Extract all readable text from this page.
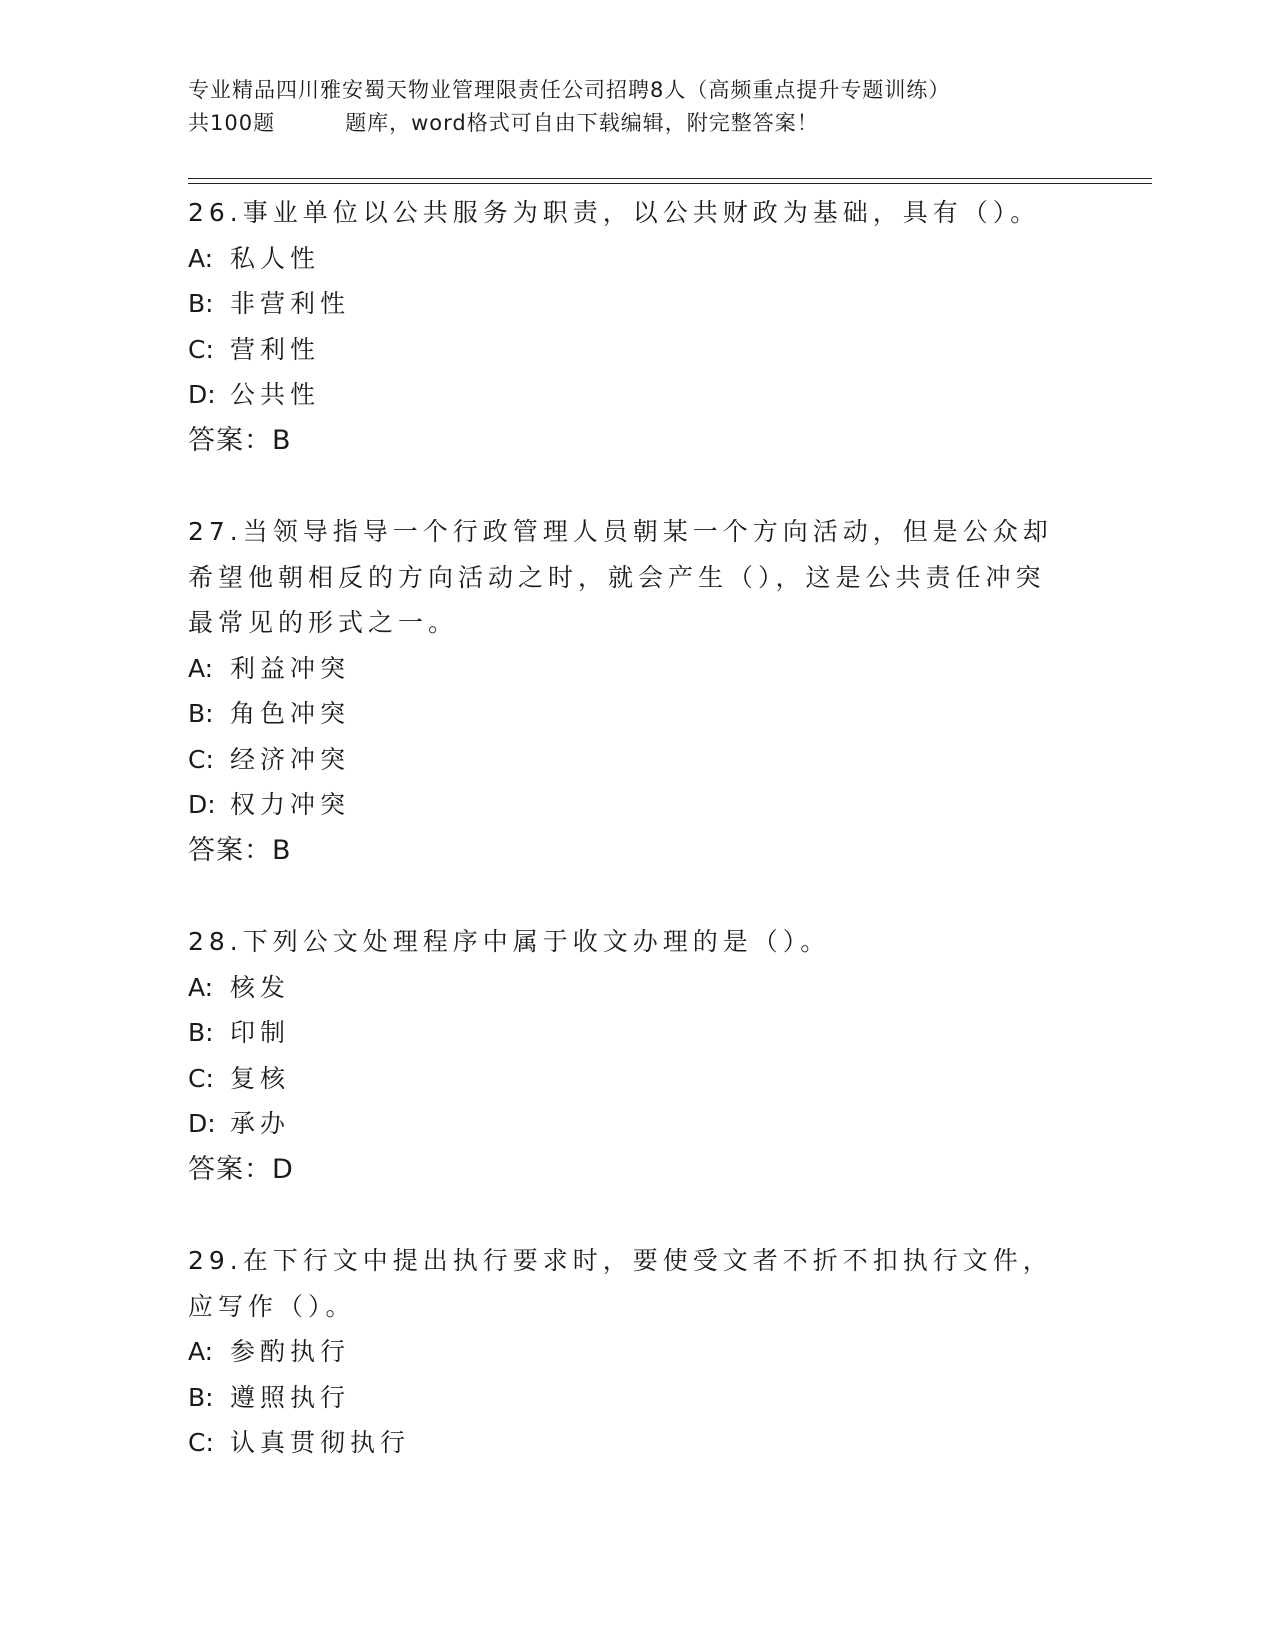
专业精品四川雅安蜀天物业管理限责任公司招聘8人（高频重点提升专题训练）
共100题	题库，word格式可自由下载编辑，附完整答案！
26.事业单位以公共服务为职责，以公共财政为基础，具有（）。
A: 私人性
B: 非营利性
C: 营利性
D: 公共性
答案：B
27.当领导指导一个行政管理人员朝某一个方向活动，但是公众却希望他朝相反的方向活动之时，就会产生（），这是公共责任冲突最常见的形式之一。
A: 利益冲突
B: 角色冲突
C: 经济冲突
D: 权力冲突
答案：B
28.下列公文处理程序中属于收文办理的是（）。
A: 核发
B: 印制
C: 复核
D: 承办
答案：D
29.在下行文中提出执行要求时，要使受文者不折不扣执行文件，应写作（）。
A: 参酌执行
B: 遵照执行
C: 认真贯彻执行
